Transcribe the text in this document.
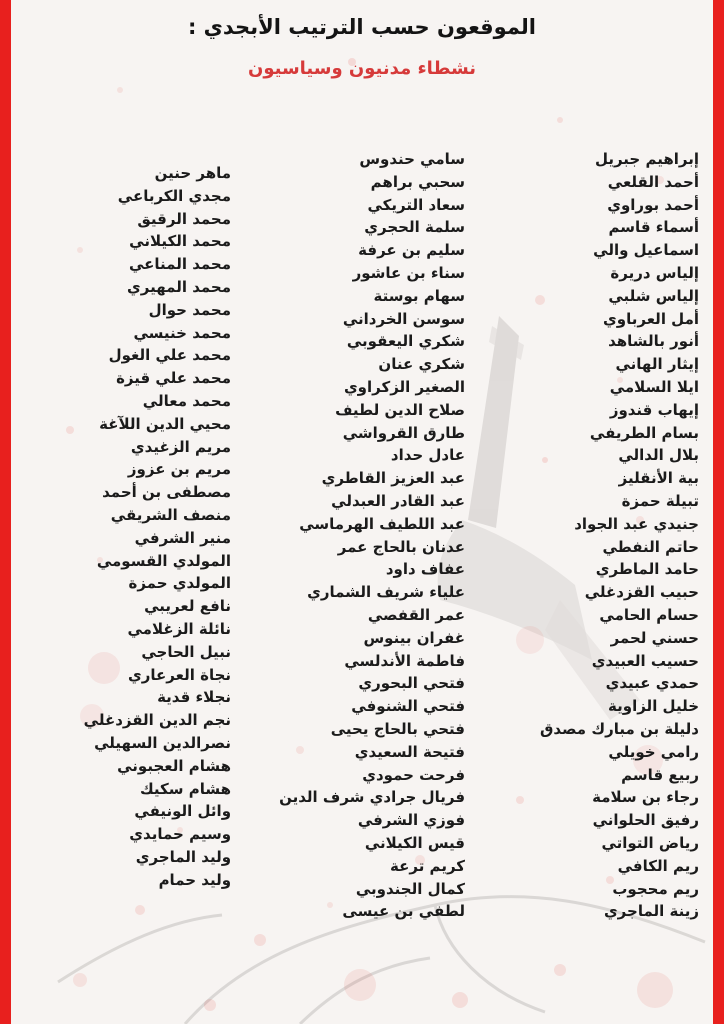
الموقعون حسب الترتيب الأبجدي :
نشطاء مدنيون وسياسيون
إبراهيم جبريل
أحمد القلعي
أحمد بوراوي
أسماء قاسم
اسماعيل والي
إلياس دريرة
إلياس شلبي
أمل العرباوي
أنور بالشاهد
إيثار الهاني
ايلا السلامي
إيهاب قندوز
بسام الطريفي
بلال الدالي
بية الأنقليز
تبيلة حمزة
جنيدي عبد الجواد
حاتم النفطي
حامد الماطري
حبيب القزدغلي
حسام الحامي
حسني لحمر
حسيب العبيدي
حمدي عبيدي
خليل الزاوية
دليلة بن مبارك مصدق
رامي خويلي
ربيع قاسم
رجاء بن سلامة
رفيق الحلواني
رياض التواتي
ريم الكافي
ريم محجوب
زينة الماجري
سامي حندوس
سحبي براهم
سعاد التريكي
سلمة الحجري
سليم بن عرفة
سناء بن عاشور
سهام بوستة
سوسن الخرداني
شكري اليعقوبي
شكري عنان
الصغير الزكراوي
صلاح الدين لطيف
طارق القرواشي
عادل حداد
عبد العزيز القاطري
عبد القادر العبدلي
عبد اللطيف الهرماسي
عدنان بالحاج عمر
عفاف داود
علياء شريف الشماري
عمر القفصي
غفران بينوس
فاطمة الأندلسي
فتحي البحوري
فتحي الشنوفي
فتحي بالحاج يحيى
فتيحة السعيدي
فرحت حمودي
فريال جرادي شرف الدين
فوزي الشرفي
قيس الكيلاني
كريم ترعة
كمال الجندوبي
لطفي بن عيسى
ماهر حنين
مجدي الكرباعي
محمد الرقيق
محمد الكيلاني
محمد المناعي
محمد المهيري
محمد حوال
محمد خنيسي
محمد علي الغول
محمد علي قيزة
محمد معالي
محيي الدين اللآغة
مريم الزغيدي
مريم بن عزوز
مصطفى بن أحمد
منصف الشريقي
منير الشرفي
المولدي القسومي
المولدي حمزة
نافع لعريبي
نائلة الزغلامي
نبيل الحاجي
نجاة العرعاري
نجلاء قدية
نجم الدين القزدغلي
نصرالدين السهيلي
هشام العجبوني
هشام سكيك
وائل الونيفي
وسيم حمايدي
وليد الماجري
وليد حمام
